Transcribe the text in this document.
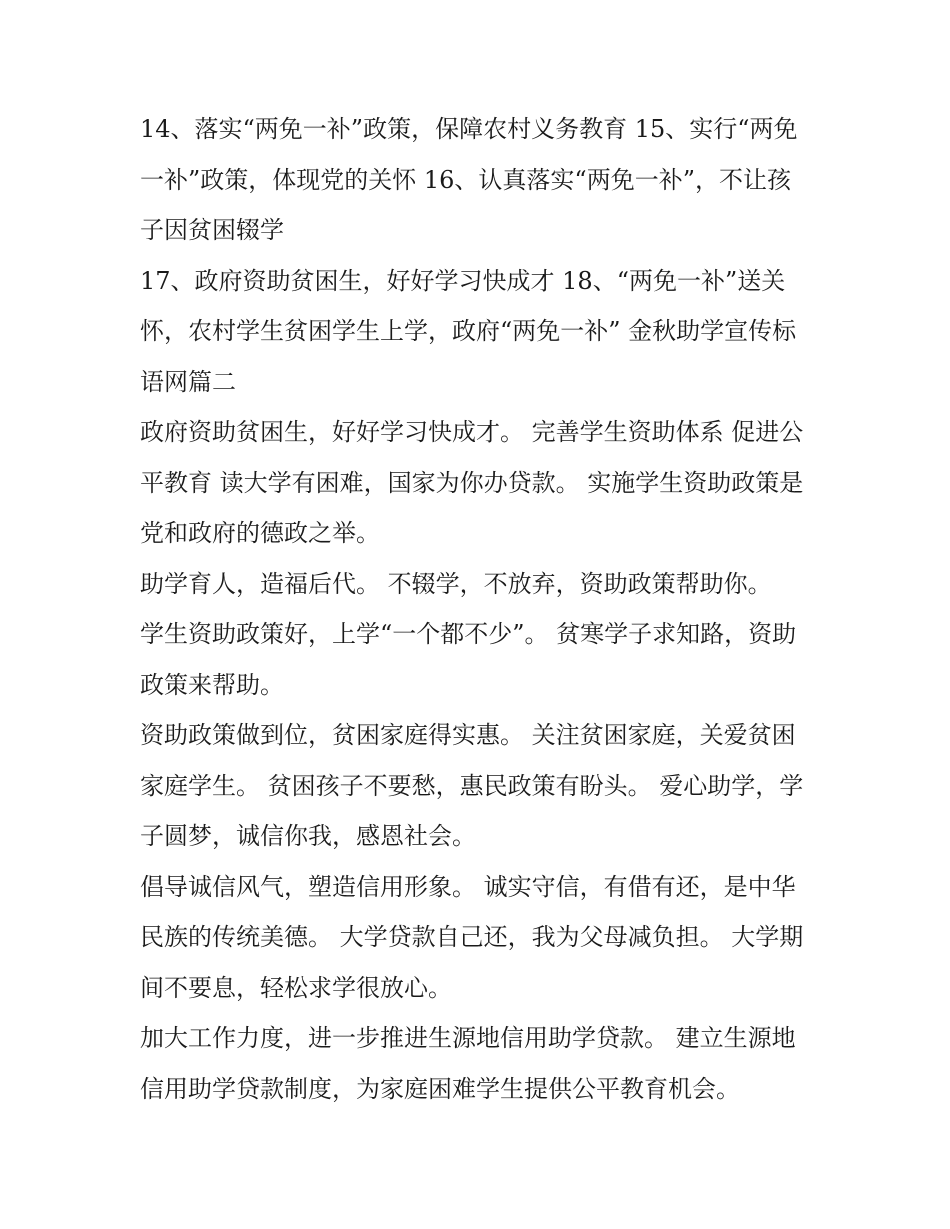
14、落实“两免一补”政策，保障农村义务教育 15、实行“两免一补”政策，体现党的关怀 16、认真落实“两免一补”，不让孩子因贫困辍学

17、政府资助贫困生，好好学习快成才 18、“两免一补”送关怀，农村学生贫困学生上学，政府“两免一补” 金秋助学宣传标语网篇二

政府资助贫困生，好好学习快成才。 完善学生资助体系 促进公平教育 读大学有困难，国家为你办贷款。 实施学生资助政策是党和政府的德政之举。

助学育人，造福后代。 不辍学，不放弃，资助政策帮助你。

学生资助政策好，上学“一个都不少”。 贫寒学子求知路，资助政策来帮助。

资助政策做到位，贫困家庭得实惠。 关注贫困家庭，关爱贫困家庭学生。 贫困孩子不要愁，惠民政策有盼头。 爱心助学，学子圆梦，诚信你我，感恩社会。

倡导诚信风气，塑造信用形象。 诚实守信，有借有还，是中华民族的传统美德。 大学贷款自己还，我为父母减负担。 大学期间不要息，轻松求学很放心。

加大工作力度，进一步推进生源地信用助学贷款。 建立生源地信用助学贷款制度，为家庭困难学生提供公平教育机会。
